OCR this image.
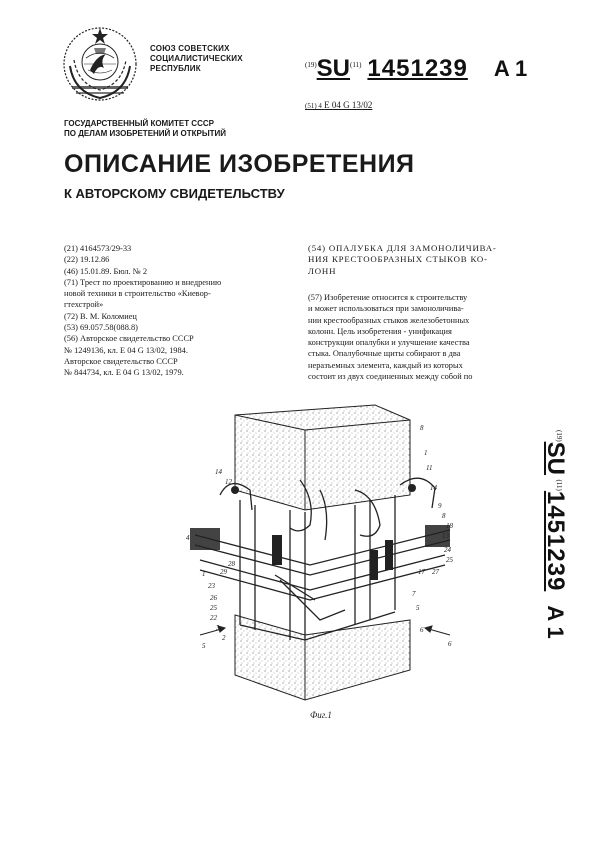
СОЮЗ СОВЕТСКИХ
СОЦИАЛИСТИЧЕСКИХ
РЕСПУБЛИК	$^{(19)}$SU$^{(11)}$ 1451239 A 1
(51) 4 E 04 G 13/02
ГОСУДАРСТВЕННЫЙ КОМИТЕТ СССР
ПО ДЕЛАМ ИЗОБРЕТЕНИЙ И ОТКРЫТИЙ
ОПИСАНИЕ ИЗОБРЕТЕНИЯ
К АВТОРСКОМУ СВИДЕТЕЛЬСТВУ
(21) 4164573/29-33
(22) 19.12.86
(46) 15.01.89. Бюл. № 2
(71) Трест по проектированию и внедрению
новой техники в строительство «Киевор-
гтехстрой»
(72) В. М. Коломиец
(53) 69.057.58(088.8)
(56) Авторское свидетельство СССР
№ 1249136, кл. Е 04 G 13/02, 1984.
Авторское свидетельство СССР
№ 844734, кл. Е 04 G 13/02, 1979.
(54) ОПАЛУБКА ДЛЯ ЗАМОНОЛИЧИВА-
НИЯ КРЕСТООБРАЗНЫХ СТЫКОВ КО-
ЛОНН
(57) Изобретение относится к строительству
и может использоваться при замоноличива-
нии крестообразных стыков железобетонных
колонн. Цель изобретения - унификация
конструкции опалубки и улучшение качества
стыка. Опалубочные щиты собирают в два
неразъемных элемента, каждый из которых
состоит из двух соединенных между собой по
8
1
11
14
9
8
18
13
24
25
17 27
7
5
6
14
12
4
1
23
29
28
26
25
22
3
2
5	6
Фиг.1
$^{(19)}$SU $^{(11)}$1451239A 1
